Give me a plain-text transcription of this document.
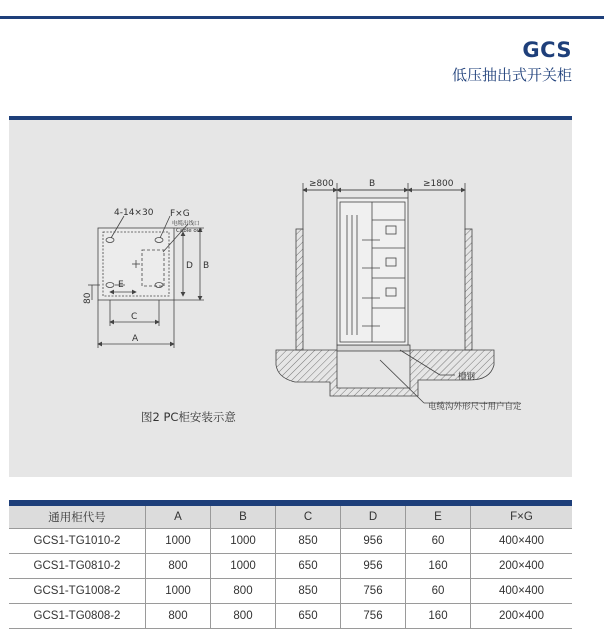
GCS
低压抽出式开关柜
图2 PC柜安装示意
4-14×30 F×G
电缆出线口
Cable out
D B
E
C
A
80
≥800	B	≥1800
槽钢
电缆沟外形尺寸用户自定
通用柜代号	A	B	C	D	E	F×G
GCS1-TG1010-2	1000	1000	850	956	60	400×400
GCS1-TG0810-2	800	1000	650	956	160	200×400
GCS1-TG1008-2	1000	800	850	756	60	400×400
GCS1-TG0808-2	800	800	650	756	160	200×400
